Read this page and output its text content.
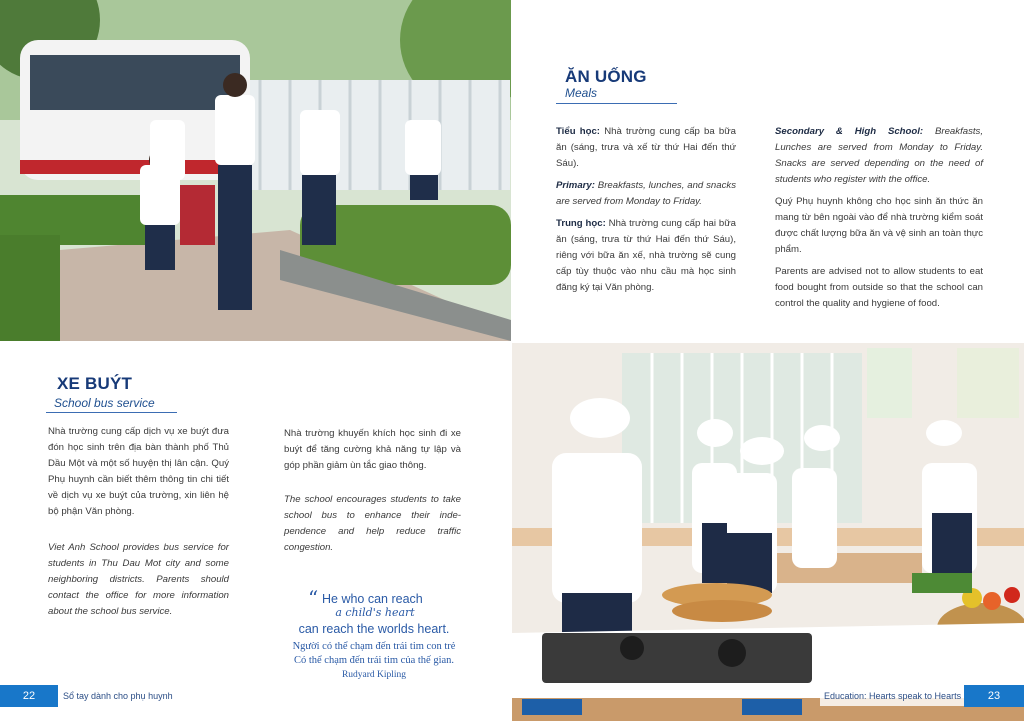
ĂN UỐNG
Meals

Tiểu học: Nhà trường cung cấp ba bữa ăn (sáng, trưa và xế từ thứ Hai đến thứ Sáu).

Primary: Breakfasts, lunches, and snacks are served from Monday to Friday.

Trung học: Nhà trường cung cấp hai bữa ăn (sáng, trưa từ thứ Hai đến thứ Sáu), riêng với bữa ăn xế, nhà trường sẽ cung cấp tùy thuộc vào nhu cầu mà học sinh đăng ký tại Văn phòng.

Secondary & High School: Breakfasts, Lunches are served from Monday to Friday. Snacks are served depending on the need of students who register with the office.

Quý Phụ huynh không cho học sinh ăn thức ăn mang từ bên ngoài vào để nhà trường kiểm soát được chất lượng bữa ăn và vệ sinh an toàn thực phẩm.

Parents are advised not to allow students to eat food bought from outside so that the school can control the quality and hygiene of food.

XE BUÝT
School bus service

Nhà trường cung cấp dịch vụ xe buýt đưa đón học sinh trên địa bàn thành phố Thủ Dầu Một và một số huyện thị lân cận. Quý Phụ huynh cần biết thêm thông tin chi tiết về dịch vụ xe buýt của trường, xin liên hệ bộ phận Văn phòng.

Viet Anh School provides bus service for students in Thu Dau Mot city and some neighboring districts. Parents should contact the office for more information about the school bus service.

Nhà trường khuyến khích học sinh đi xe buýt để tăng cường khả năng tự lập và góp phần giảm ùn tắc giao thông.

The school encourages students to take school bus to enhance their inde-pendence and help reduce traffic congestion.

“ He who can reach
a child's heart
can reach the worlds heart.
Người có thể chạm đến trái tim con trẻ
Có thể chạm đến trái tim của thế gian.
Rudyard Kipling
22	Sổ tay dành cho phụ huynh	Education: Hearts speak to Hearts	23
